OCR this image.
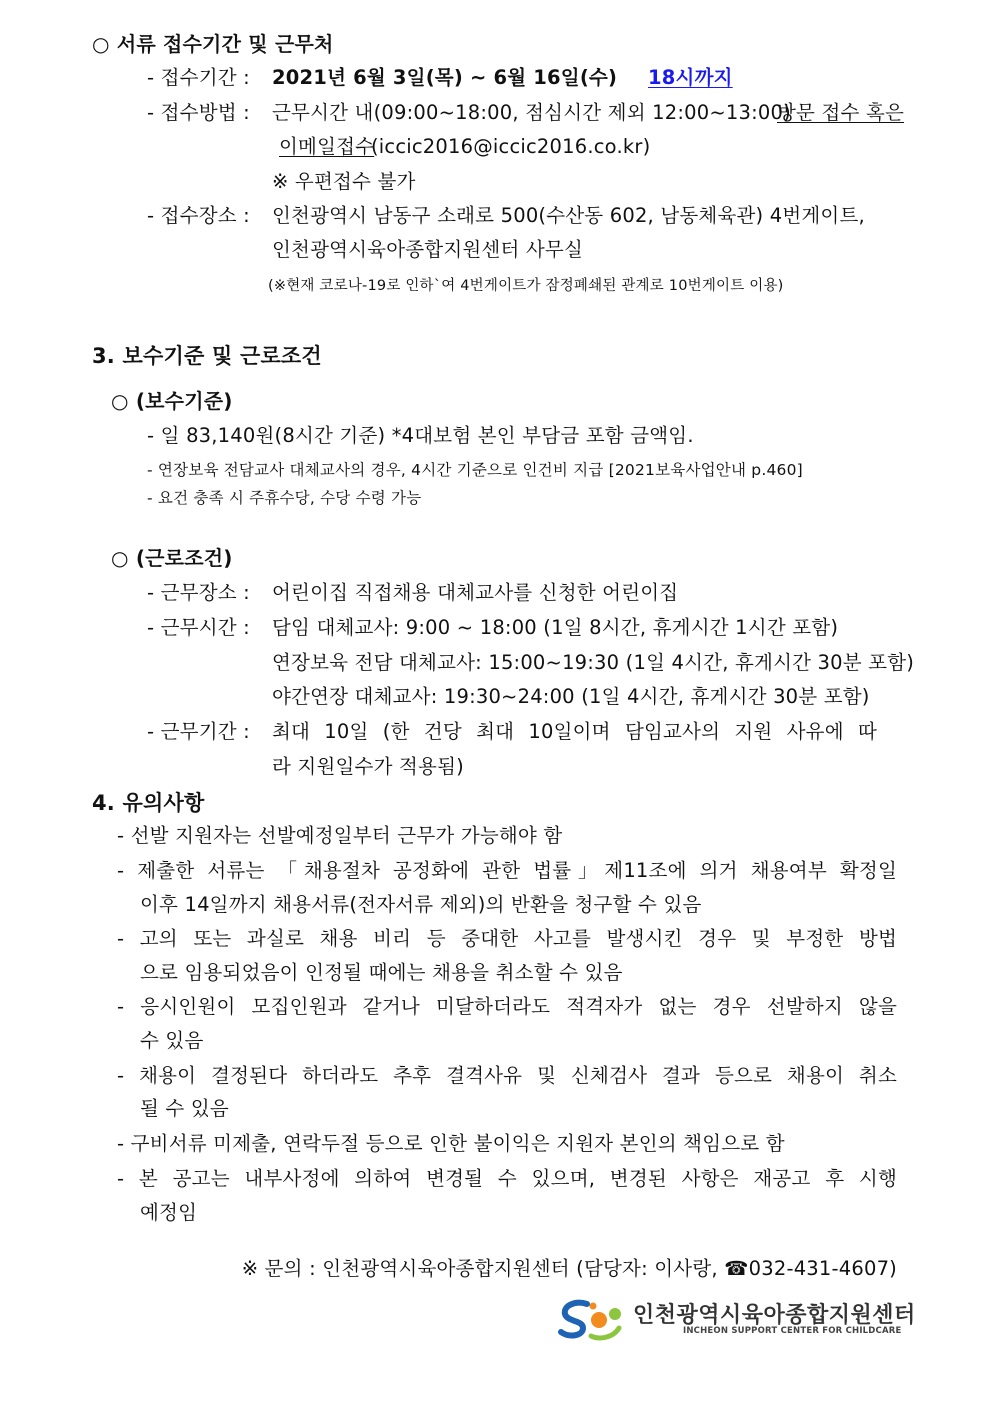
○ 서류 접수기간 및 근무처
- 접수기간 : 2021년 6월 3일(목) ~ 6월 16일(수) 18시까지
- 접수방법 : 근무시간 내(09:00~18:00, 점심시간 제외 12:00~13:00)
방문 접수 혹은
이메일접수
(iccic2016@iccic2016.co.kr)
※ 우편접수 불가
- 접수장소 : 인천광역시 남동구 소래로 500(수산동 602, 남동체육관) 4번게이트,
인천광역시육아종합지원센터 사무실
(※현재 코로나-19로 인하`여 4번게이트가 잠정폐쇄된 관계로 10번게이트 이용)
3. 보수기준 및 근로조건
○ (보수기준)
- 일 83,140원(8시간 기준) *4대보험 본인 부담금 포함 금액임.
- 연장보육 전담교사 대체교사의 경우, 4시간 기준으로 인건비 지급 [2021보육사업안내 p.460]
- 요건 충족 시 주휴수당, 수당 수령 가능
○ (근로조건)
- 근무장소 : 어린이집 직접채용 대체교사를 신청한 어린이집
- 근무시간 : 담임 대체교사: 9:00 ~ 18:00 (1일 8시간, 휴게시간 1시간 포함)
연장보육 전담 대체교사: 15:00~19:30 (1일 4시간, 휴게시간 30분 포함)
야간연장 대체교사: 19:30~24:00 (1일 4시간, 휴게시간 30분 포함)
- 근무기간 : 최대 10일 (한 건당 최대 10일이며 담임교사의 지원 사유에 따
라 지원일수가 적용됨)
4. 유의사항
- 선발 지원자는 선발예정일부터 근무가 가능해야 함
- 제출한 서류는 「채용절차 공정화에 관한 법률」제11조에 의거 채용여부 확정일
이후 14일까지 채용서류(전자서류 제외)의 반환을 청구할 수 있음
- 고의 또는 과실로 채용 비리 등 중대한 사고를 발생시킨 경우 및 부정한 방법
으로 임용되었음이 인정될 때에는 채용을 취소할 수 있음
- 응시인원이 모집인원과 같거나 미달하더라도 적격자가 없는 경우 선발하지 않을
수 있음
- 채용이 결정된다 하더라도 추후 결격사유 및 신체검사 결과 등으로 채용이 취소
될 수 있음
- 구비서류 미제출, 연락두절 등으로 인한 불이익은 지원자 본인의 책임으로 함
- 본 공고는 내부사정에 의하여 변경될 수 있으며, 변경된 사항은 재공고 후 시행
예정임
※ 문의 : 인천광역시육아종합지원센터 (담당자: 이사랑, ☎032-431-4607)
인천광역시육아종합지원센터
INCHEON SUPPORT CENTER FOR CHILDCARE
